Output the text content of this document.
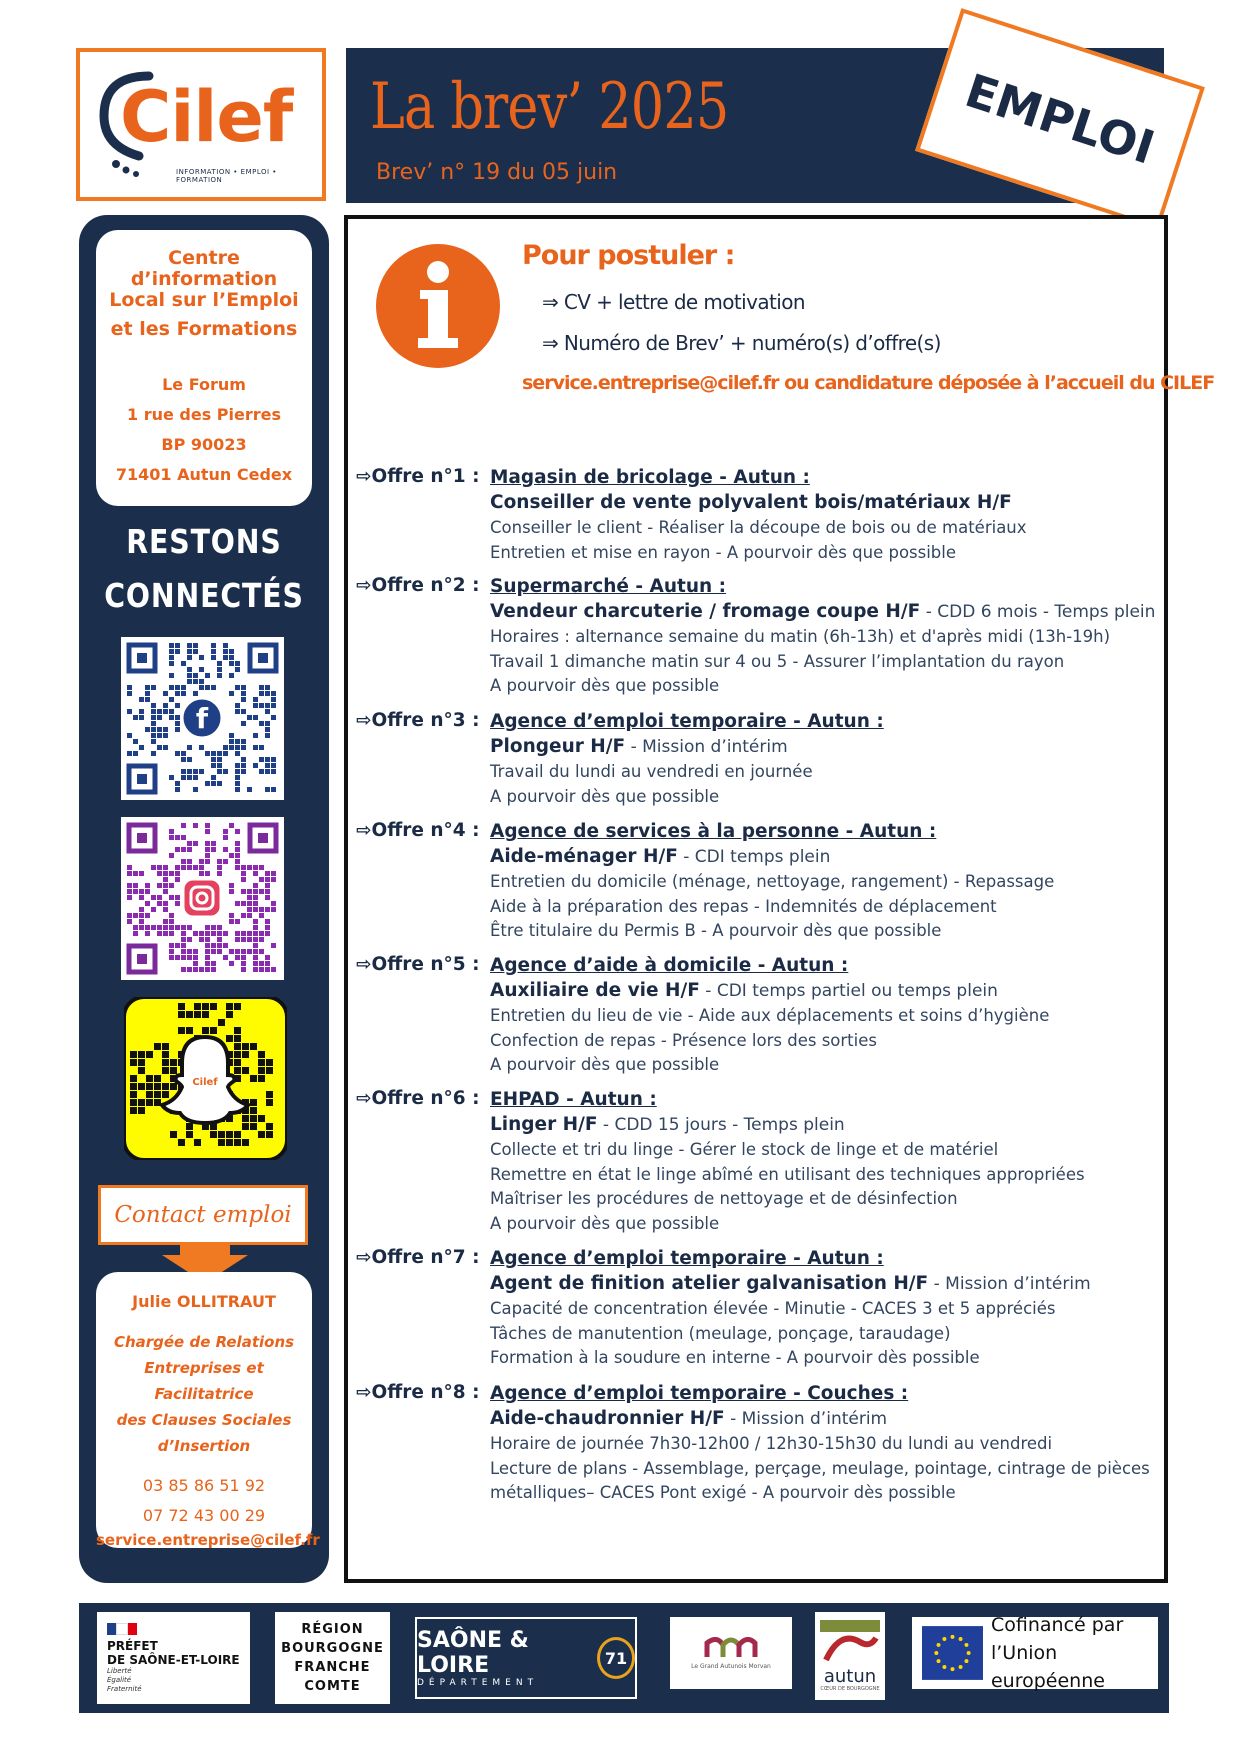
Cilef
INFORMATION • EMPLOI • FORMATION
La brev’ 2025
Brev’ n° 19 du 05 juin	EMPLOI
Centre d’information
Local sur l’Emploi
et les Formations
Le Forum
1 rue des Pierres
BP 90023
71401 Autun Cedex
RESTONS
CONNECTÉS
f
Cilef
Contact emploi
Julie OLLITRAUT
Chargée de Relations
Entreprises et Facilitatrice
des Clauses Sociales
d’Insertion
03 85 86 51 92
07 72 43 00 29
service.entreprise@cilef.fr
Pour postuler :
⇒ CV + lettre de motivation
⇒ Numéro de Brev’ + numéro(s) d’offre(s)
service.entreprise@cilef.fr ou candidature déposée à l’accueil du CILEF
⇨Offre n°1 : Magasin de bricolage - Autun :
Conseiller de vente polyvalent bois/matériaux H/F
Conseiller le client - Réaliser la découpe de bois ou de matériaux
Entretien et mise en rayon - A pourvoir dès que possible
⇨Offre n°2 : Supermarché - Autun :
Vendeur charcuterie / fromage coupe H/F - CDD 6 mois - Temps plein
Horaires : alternance semaine du matin (6h-13h) et d'après midi (13h-19h)
Travail 1 dimanche matin sur 4 ou 5 - Assurer l’implantation du rayon
A pourvoir dès que possible
⇨Offre n°3 : Agence d’emploi temporaire - Autun :
Plongeur H/F - Mission d’intérim
Travail du lundi au vendredi en journée
A pourvoir dès que possible
⇨Offre n°4 : Agence de services à la personne - Autun :
Aide-ménager H/F - CDI temps plein
Entretien du domicile (ménage, nettoyage, rangement) - Repassage
Aide à la préparation des repas - Indemnités de déplacement
Être titulaire du Permis B - A pourvoir dès que possible
⇨Offre n°5 : Agence d’aide à domicile - Autun :
Auxiliaire de vie H/F - CDI temps partiel ou temps plein
Entretien du lieu de vie - Aide aux déplacements et soins d’hygiène
Confection de repas - Présence lors des sorties
A pourvoir dès que possible
⇨Offre n°6 : EHPAD - Autun :
Linger H/F - CDD 15 jours - Temps plein
Collecte et tri du linge - Gérer le stock de linge et de matériel
Remettre en état le linge abîmé en utilisant des techniques appropriées
Maîtriser les procédures de nettoyage et de désinfection
A pourvoir dès que possible
⇨Offre n°7 : Agence d’emploi temporaire - Autun :
Agent de finition atelier galvanisation H/F - Mission d’intérim
Capacité de concentration élevée - Minutie - CACES 3 et 5 appréciés
Tâches de manutention (meulage, ponçage, taraudage)
Formation à la soudure en interne - A pourvoir dès possible
⇨Offre n°8 : Agence d’emploi temporaire - Couches :
Aide-chaudronnier H/F - Mission d’intérim
Horaire de journée 7h30-12h00 / 12h30-15h30 du lundi au vendredi
Lecture de plans - Assemblage, perçage, meulage, pointage, cintrage de pièces
métalliques– CACES Pont exigé - A pourvoir dès possible
PRÉFET
DE SAÔNE-ET-LOIRE
Liberté
Égalité
Fraternité
RÉGION
BOURGOGNE
FRANCHE
COMTE
SAÔNE & LOIRE
DÉPARTEMENT
71	Le Grand Autunois Morvan	autun
CŒUR DE BOURGOGNE
Cofinancé par
l’Union européenne
